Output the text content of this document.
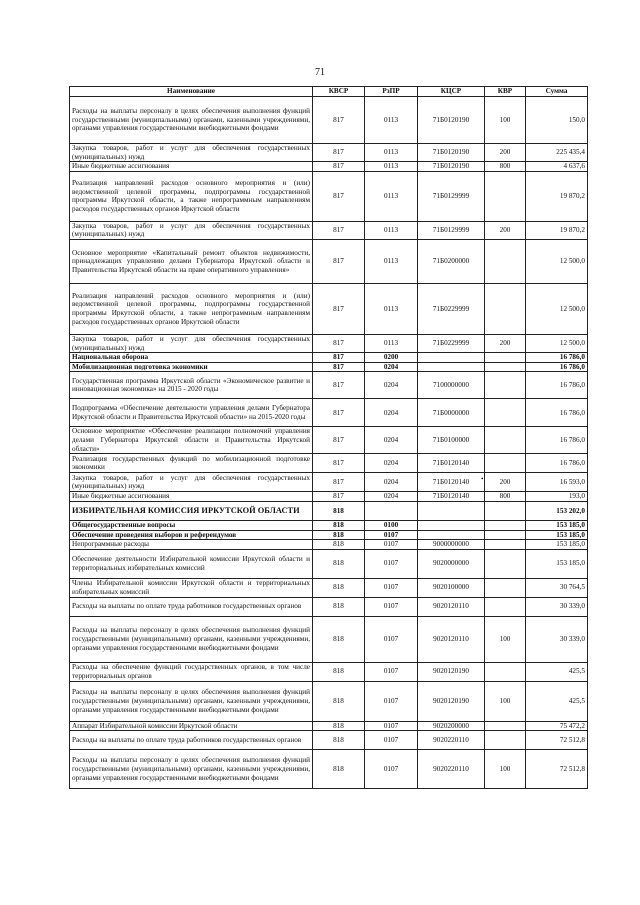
71
Наименование	КВСР	РзПР	КЦСР	КВР	Сумма
Расходы на выплаты персоналу в целях обеспечения выполнения функций государственными (муниципальными) органами, казенными учреждениями, органами управления государственными внебюджетными фондами	817	0113	71Б0120190	100	150,0
Закупка товаров, работ и услуг для обеспечения государственных (муниципальных) нужд	817	0113	71Б0120190	200	225 435,4
Иные бюджетные ассигнования	817	0113	71Б0120190	800	4 637,6
Реализация направлений расходов основного мероприятия и (или) ведомственной целевой программы, подпрограммы государственной программы Иркутской области, а также непрограммным направлениям расходов государственных органов Иркутской области	817	0113	71Б0129999		19 870,2
Закупка товаров, работ и услуг для обеспечения государственных (муниципальных) нужд	817	0113	71Б0129999	200	19 870,2
Основное мероприятие «Капитальный ремонт объектов недвижимости, принадлежащих управлению делами Губернатора Иркутской области и Правительства Иркутской области на праве оперативного управления»	817	0113	71Б0200000		12 500,0
Реализация направлений расходов основного мероприятия и (или) ведомственной целевой программы, подпрограммы государственной программы Иркутской области, а также непрограммным направлениям расходов государственных органов Иркутской области	817	0113	71Б0229999		12 500,0
Закупка товаров, работ и услуг для обеспечения государственных (муниципальных) нужд	817	0113	71Б0229999	200	12 500,0
Национальная оборона	817	0200			16 786,0
Мобилизационная подготовка экономики	817	0204			16 786,0
Государственная программа Иркутской области «Экономическое развитие и инновационная экономика» на 2015 - 2020 годы	817	0204	7100000000		16 786,0
Подпрограмма «Обеспечение деятельности управления делами Губернатора Иркутской области и Правительства Иркутской области» на 2015-2020 годы	817	0204	71Б0000000		16 786,0
Основное мероприятие «Обеспечение реализации полномочий управления делами Губернатора Иркутской области и Правительства Иркутской области»	817	0204	71Б0100000		16 786,0
Реализация государственных функций по мобилизационной подготовке экономики	817	0204	71Б0120140		16 786,0
Закупка товаров, работ и услуг для обеспечения государственных (муниципальных) нужд	817	0204	71Б0120140	200	16 593,0
Иные бюджетные ассигнования	817	0204	71Б0120140	800	193,0
ИЗБИРАТЕЛЬНАЯ КОМИССИЯ ИРКУТСКОЙ ОБЛАСТИ	818				153 202,0
Общегосударственные вопросы	818	0100			153 185,0
Обеспечение проведения выборов и референдумов	818	0107			153 185,0
Непрограммные расходы	818	0107	9000000000		153 185,0
Обеспечение деятельности Избирательной комиссии Иркутской области и территориальных избирательных комиссий	818	0107	9020000000		153 185,0
Члены Избирательной комиссии Иркутской области и территориальных избирательных комиссий	818	0107	9020100000		30 764,5
Расходы на выплаты по оплате труда работников государственных органов	818	0107	9020120110		30 339,0
Расходы на выплаты персоналу в целях обеспечения выполнения функций государственными (муниципальными) органами, казенными учреждениями, органами управления государственными внебюджетными фондами	818	0107	9020120110	100	30 339,0
Расходы на обеспечение функций государственных органов, в том числе территориальных органов	818	0107	9020120190		425,5
Расходы на выплаты персоналу в целях обеспечения выполнения функций государственными (муниципальными) органами, казенными учреждениями, органами управления государственными внебюджетными фондами	818	0107	9020120190	100	425,5
Аппарат Избирательной комиссии Иркутской области	818	0107	9020200000		75 472,2
Расходы на выплаты по оплате труда работников государственных органов	818	0107	9020220110		72 512,8
Расходы на выплаты персоналу в целях обеспечения выполнения функций государственными (муниципальными) органами, казенными учреждениями, органами управления государственными внебюджетными фондами	818	0107	9020220110	100	72 512,8
•
